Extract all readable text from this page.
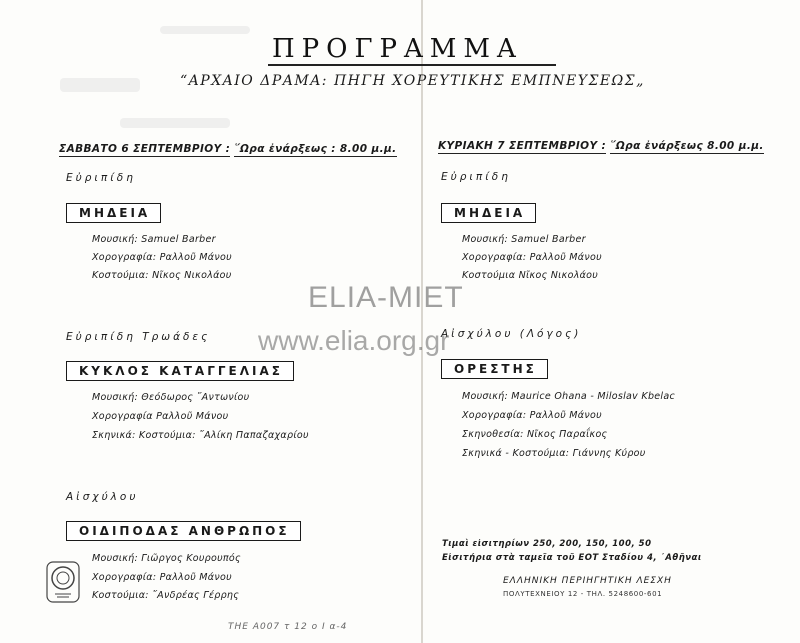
ΠΡΟΓΡΑΜΜΑ
“ΑΡΧΑΙΟ ΔΡΑΜΑ: ΠΗΓΗ ΧΟΡΕΥΤΙΚΗΣ ΕΜΠΝΕΥΣΕΩΣ„
ΣΑΒΒΑΤΟ 6 ΣΕΠΤΕΜΒΡΙΟΥ : ῞Ωρα ἐνάρξεως : 8.00 μ.μ.
Εὐριπίδη
ΜΗΔΕΙΑ
Μουσική: Samuel Barber
Χορογραφία: Ραλλοῦ Μάνου
Κοστούμια: Νῖκος Νικολάου
Εὐριπίδη Τρωάδες
ΚΥΚΛΟΣ ΚΑΤΑΓΓΕΛΙΑΣ
Μουσική: Θεόδωρος ῎Αντωνίου
Χορογραφία Ραλλοῦ Μάνου
Σκηνικά: Κοστούμια: ῎Αλίκη Παπαζαχαρίου
Αἰσχύλου
ΟΙΔΙΠΟΔΑΣ ΑΝΘΡΩΠΟΣ
Μουσική: Γιῶργος Κουρουπός
Χορογραφία: Ραλλοῦ Μάνου
Κοστούμια: ῎Ανδρέας Γέρρης
ΚΥΡΙΑΚΗ 7 ΣΕΠΤΕΜΒΡΙΟΥ : ῞Ωρα ἐνάρξεως 8.00 μ.μ.
Εὐριπίδη
ΜΗΔΕΙΑ
Μουσική: Samuel Barber
Χορογραφία: Ραλλοῦ Μάνου
Κοστούμια Νῖκος Νικολάου
Αἰσχύλου (Λόγος)
ΟΡΕΣΤΗΣ
Μουσική: Maurice Ohana - Miloslav Kbelac
Χορογραφία: Ραλλοῦ Μάνου
Σκηνοθεσία: Νῖκος Παραΐκος
Σκηνικά - Κοστούμια: Γιάννης Κύρου
Τιμαὶ εἰσιτηρίων 250, 200, 150, 100, 50
Εἰσιτήρια στὰ ταμεῖα τοῦ ΕΟΤ Σταδίου 4, ᾿Αθῆναι
ΕΛΛΗΝΙΚΗ ΠΕΡΙΗΓΗΤΙΚΗ ΛΕΣΧΗ
ΠΟΛΥΤΕΧΝΕΙΟΥ 12 - ΤΗΛ. 5248600-601
ELIA-MIET
www.elia.org.gr
ΤΗΕ Α007 τ 12 ο Ι α-4
